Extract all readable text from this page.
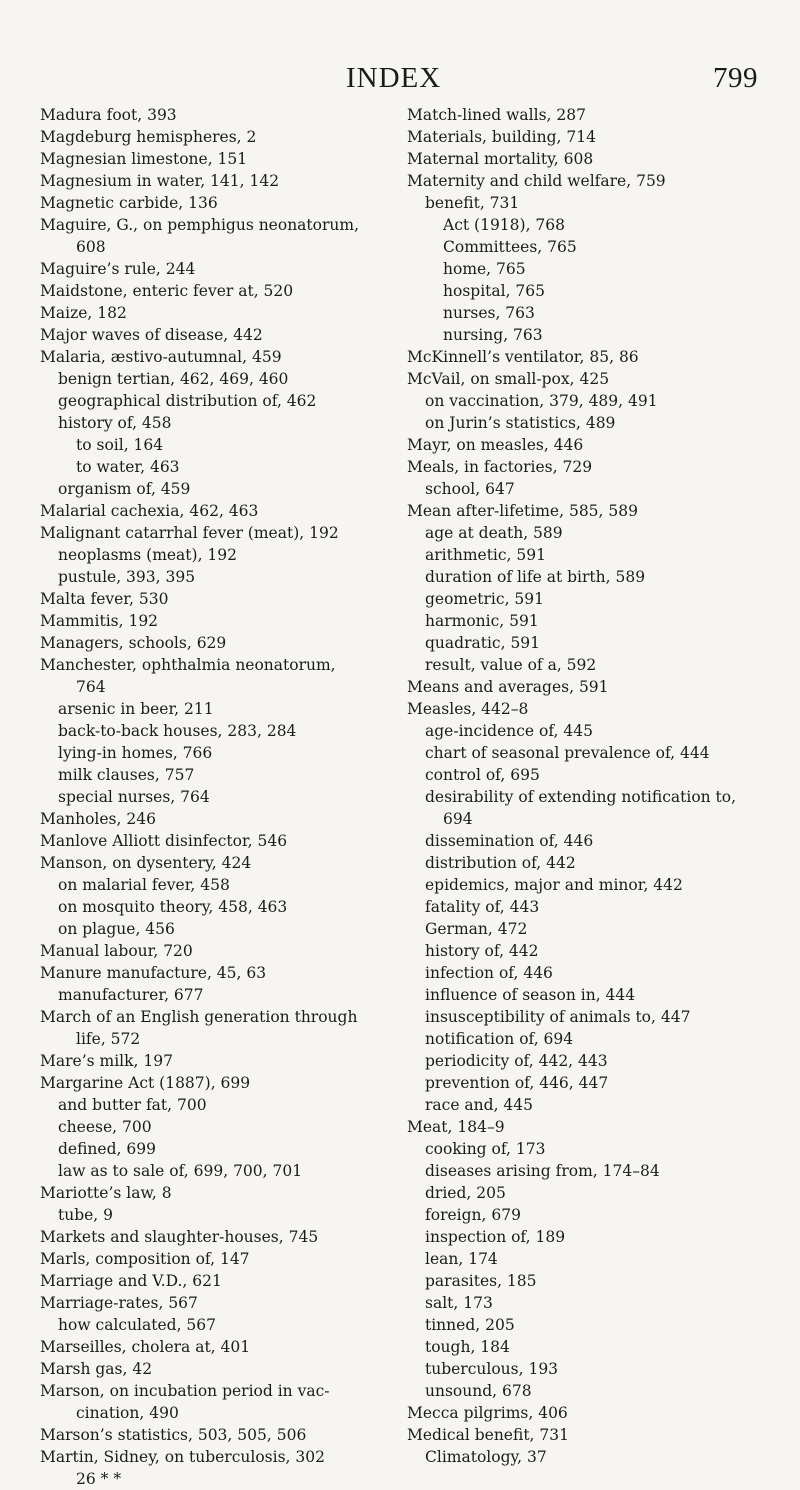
INDEX	799
Madura foot, 393
Magdeburg hemispheres, 2
Magnesian limestone, 151
Magnesium in water, 141, 142
Magnetic carbide, 136
Maguire, G., on pemphigus neonatorum,
608
Maguire’s rule, 244
Maidstone, enteric fever at, 520
Maize, 182
Major waves of disease, 442
Malaria, æstivo-autumnal, 459
benign tertian, 462, 469, 460
geographical distribution of, 462
history of, 458
to soil, 164
to water, 463
organism of, 459
Malarial cachexia, 462, 463
Malignant catarrhal fever (meat), 192
neoplasms (meat), 192
pustule, 393, 395
Malta fever, 530
Mammitis, 192
Managers, schools, 629
Manchester, ophthalmia neonatorum,
764
arsenic in beer, 211
back-to-back houses, 283, 284
lying-in homes, 766
milk clauses, 757
special nurses, 764
Manholes, 246
Manlove Alliott disinfector, 546
Manson, on dysentery, 424
on malarial fever, 458
on mosquito theory, 458, 463
on plague, 456
Manual labour, 720
Manure manufacture, 45, 63
manufacturer, 677
March of an English generation through
life, 572
Mare’s milk, 197
Margarine Act (1887), 699
and butter fat, 700
cheese, 700
defined, 699
law as to sale of, 699, 700, 701
Mariotte’s law, 8
tube, 9
Markets and slaughter-houses, 745
Marls, composition of, 147
Marriage and V.D., 621
Marriage-rates, 567
how calculated, 567
Marseilles, cholera at, 401
Marsh gas, 42
Marson, on incubation period in vac-
cination, 490
Marson’s statistics, 503, 505, 506
Martin, Sidney, on tuberculosis, 302
26 * *
Match-lined walls, 287
Materials, building, 714
Maternal mortality, 608
Maternity and child welfare, 759
benefit, 731
Act (1918), 768
Committees, 765
home, 765
hospital, 765
nurses, 763
nursing, 763
McKinnell’s ventilator, 85, 86
McVail, on small-pox, 425
on vaccination, 379, 489, 491
on Jurin’s statistics, 489
Mayr, on measles, 446
Meals, in factories, 729
school, 647
Mean after-lifetime, 585, 589
age at death, 589
arithmetic, 591
duration of life at birth, 589
geometric, 591
harmonic, 591
quadratic, 591
result, value of a, 592
Means and averages, 591
Measles, 442–8
age-incidence of, 445
chart of seasonal prevalence of, 444
control of, 695
desirability of extending notification to,
694
dissemination of, 446
distribution of, 442
epidemics, major and minor, 442
fatality of, 443
German, 472
history of, 442
infection of, 446
influence of season in, 444
insusceptibility of animals to, 447
notification of, 694
periodicity of, 442, 443
prevention of, 446, 447
race and, 445
Meat, 184–9
cooking of, 173
diseases arising from, 174–84
dried, 205
foreign, 679
inspection of, 189
lean, 174
parasites, 185
salt, 173
tinned, 205
tough, 184
tuberculous, 193
unsound, 678
Mecca pilgrims, 406
Medical benefit, 731
Climatology, 37
